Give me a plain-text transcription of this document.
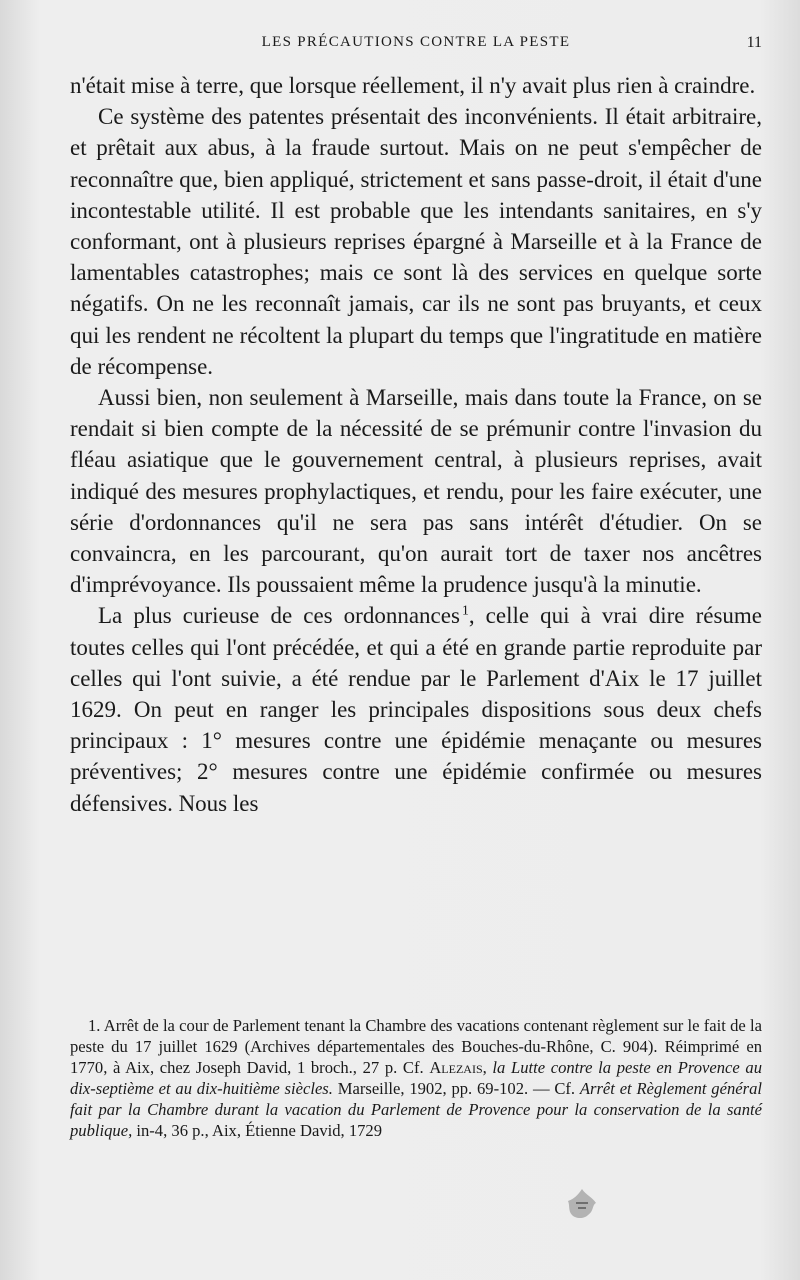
LES PRÉCAUTIONS CONTRE LA PESTE	11

n'était mise à terre, que lorsque réellement, il n'y avait plus rien à craindre.

Ce système des patentes présentait des inconvénients. Il était arbitraire, et prêtait aux abus, à la fraude surtout. Mais on ne peut s'empêcher de reconnaître que, bien appliqué, strictement et sans passe-droit, il était d'une incontestable utilité. Il est probable que les intendants sanitaires, en s'y conformant, ont à plusieurs reprises épargné à Marseille et à la France de lamentables catastrophes; mais ce sont là des services en quelque sorte négatifs. On ne les reconnaît jamais, car ils ne sont pas bruyants, et ceux qui les rendent ne récoltent la plupart du temps que l'ingratitude en matière de récompense.

Aussi bien, non seulement à Marseille, mais dans toute la France, on se rendait si bien compte de la nécessité de se prémunir contre l'invasion du fléau asiatique que le gouvernement central, à plusieurs reprises, avait indiqué des mesures prophylactiques, et rendu, pour les faire exécuter, une série d'ordonnances qu'il ne sera pas sans intérêt d'étudier. On se convaincra, en les parcourant, qu'on aurait tort de taxer nos ancêtres d'imprévoyance. Ils poussaient même la prudence jusqu'à la minutie.

La plus curieuse de ces ordonnances  $^1$, celle qui à vrai dire résume toutes celles qui l'ont précédée, et qui a été en grande partie reproduite par celles qui l'ont suivie, a été rendue par le Parlement d'Aix le 17 juillet 1629. On peut en ranger les principales dispositions sous deux chefs principaux : 1° mesures contre une épidémie menaçante ou mesures préventives; 2° mesures contre une épidémie confirmée ou mesures défensives. Nous les

1. Arrêt de la cour de Parlement tenant la Chambre des vacations contenant règlement sur le fait de la peste du 17 juillet 1629 (Archives départementales des Bouches-du-Rhône, C. 904). Réimprimé en 1770, à Aix, chez Joseph David, 1 broch., 27 p. Cf. Alezais, la Lutte contre la peste en Provence au dix-septième et au dix-huitième siècles. Marseille, 1902, pp. 69-102. — Cf. Arrêt et Règlement général fait par la Chambre durant la vacation du Parlement de Provence pour la conservation de la santé publique, in-4, 36 p., Aix, Étienne David, 1729
